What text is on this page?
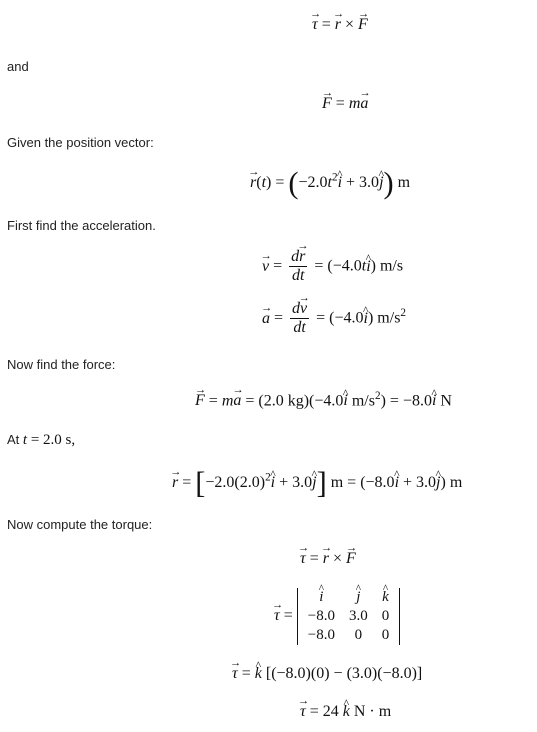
τ → = r → × F →
and
F → = ma →
Given the position vector:
$r \to(t) = (-2.0t^2i$ ^ + 3.0j ^) m
First find the acceleration.
v → = $\frac{dr \to}{dt} = (-4.0ti$ ^) m/s
a → = $\frac{dv \to}{dt} = (-4.0i$ ^) $m/s^2$
Now find the force:
F → = ma → = (2.0 kg)(−4.0i ^ $m/s^2) = -8.0i$ ^ N
At t = 2.0 s,
r → = [$-2.0(2.0)^2i$ ^ + 3.0j ^] m = (−8.0i ^ + 3.0j ^) m
Now compute the torque:
τ → = r → × F →
τ → =
i ^	j ^	k ^
−8.0	3.0	0
−8.0	0	0
τ → = k ^ [(−8.0)(0) − (3.0)(−8.0)]
τ → = 24 k ^ N · m
